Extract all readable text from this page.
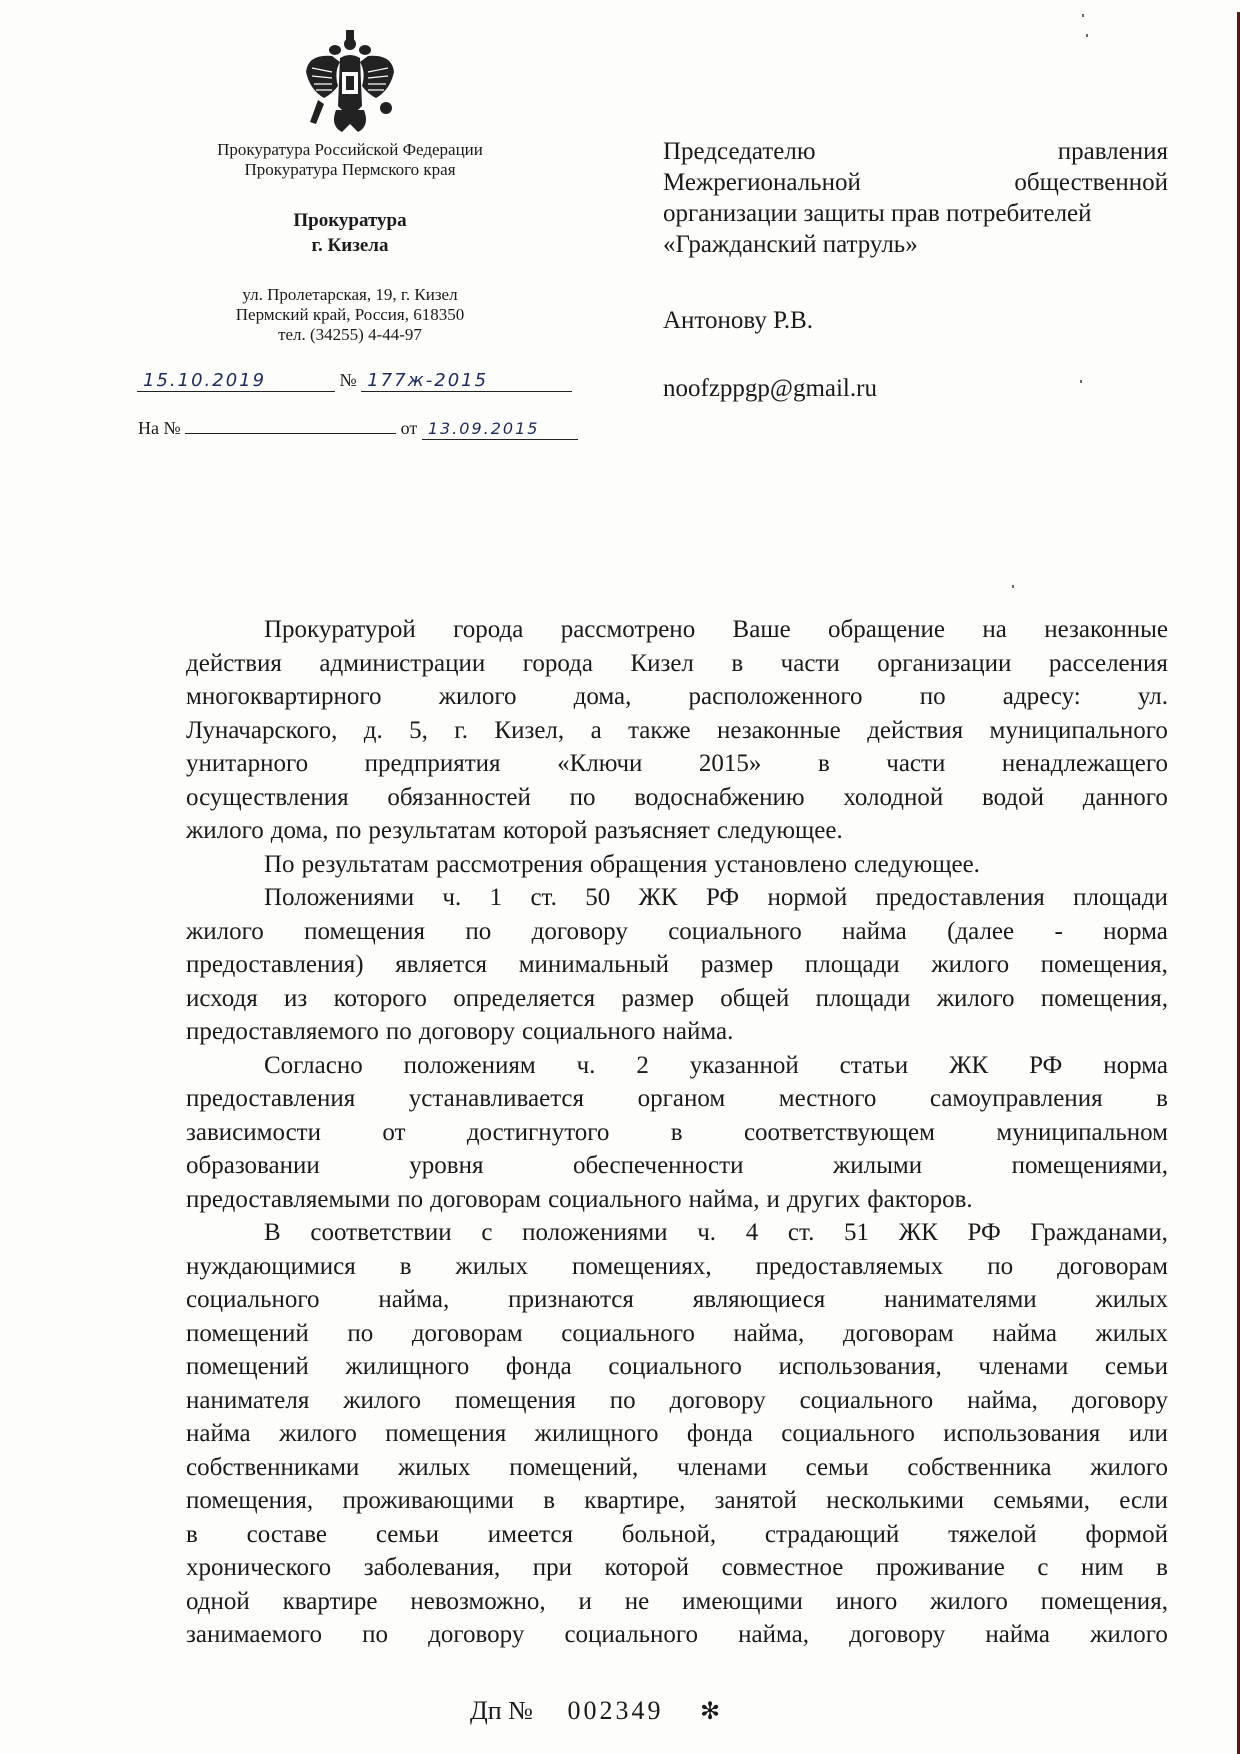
Прокуратура Российской Федерации
Прокуратура Пермского края
Прокуратура
г. Кизела
ул. Пролетарская, 19, г. Кизел
Пермский край, Россия, 618350
тел. (34255) 4-44-97
15.10.2019	№ 177ж-2015
На №	от 13.09.2015
Председателю	правления
Межрегиональной	общественной
организации защиты прав потребителей
«Гражданский патруль»
Антонову Р.В.
noofzppgp@gmail.ru
Прокуратурой города рассмотрено Ваше обращение на незаконные
действия администрации города Кизел в части организации расселения
многоквартирного жилого дома, расположенного по адресу: ул.
Луначарского, д. 5, г. Кизел, а также незаконные действия муниципального
унитарного предприятия «Ключи 2015» в части ненадлежащего
осуществления обязанностей по водоснабжению холодной водой данного
жилого дома, по результатам которой разъясняет следующее.
По результатам рассмотрения обращения установлено следующее.
Положениями ч. 1 ст. 50 ЖК РФ нормой предоставления площади
жилого помещения по договору социального найма (далее - норма
предоставления) является минимальный размер площади жилого помещения,
исходя из которого определяется размер общей площади жилого помещения,
предоставляемого по договору социального найма.
Согласно положениям ч. 2 указанной статьи ЖК РФ норма
предоставления устанавливается органом местного самоуправления в
зависимости от достигнутого в соответствующем муниципальном
образовании	уровня	обеспеченности	жилыми	помещениями,
предоставляемыми по договорам социального найма, и других факторов.
В соответствии с положениями ч. 4 ст. 51 ЖК РФ Гражданами,
нуждающимися в жилых помещениях, предоставляемых по договорам
социального найма, признаются являющиеся нанимателями жилых
помещений по договорам социального найма, договорам найма жилых
помещений жилищного фонда социального использования, членами семьи
нанимателя жилого помещения по договору социального найма, договору
найма жилого помещения жилищного фонда социального использования или
собственниками жилых помещений, членами семьи собственника жилого
помещения, проживающими в квартире, занятой несколькими семьями, если
в составе семьи имеется больной, страдающий тяжелой формой
хронического заболевания, при которой совместное проживание с ним в
одной квартире невозможно, и не имеющими иного жилого помещения,
занимаемого по договору социального найма, договору найма жилого
Дп № 002349 ✻
